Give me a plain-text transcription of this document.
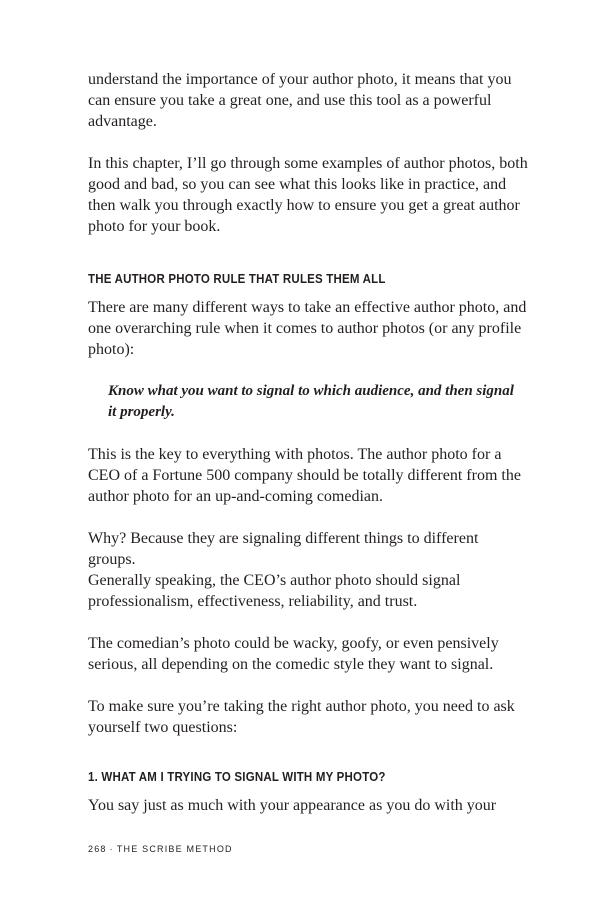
understand the importance of your author photo, it means that you can ensure you take a great one, and use this tool as a powerful advantage.

In this chapter, I’ll go through some examples of author photos, both good and bad, so you can see what this looks like in practice, and then walk you through exactly how to ensure you get a great author photo for your book.

THE AUTHOR PHOTO RULE THAT RULES THEM ALL

There are many different ways to take an effective author photo, and one overarching rule when it comes to author photos (or any profile photo):

Know what you want to signal to which audience, and then signal it properly.

This is the key to everything with photos. The author photo for a CEO of a Fortune 500 company should be totally different from the author photo for an up-and-coming comedian.

Why? Because they are signaling different things to different groups.

Generally speaking, the CEO’s author photo should signal professionalism, effectiveness, reliability, and trust.

The comedian’s photo could be wacky, goofy, or even pensively serious, all depending on the comedic style they want to signal.

To make sure you’re taking the right author photo, you need to ask yourself two questions:

1. WHAT AM I TRYING TO SIGNAL WITH MY PHOTO?

You say just as much with your appearance as you do with your

268 · THE SCRIBE METHOD
